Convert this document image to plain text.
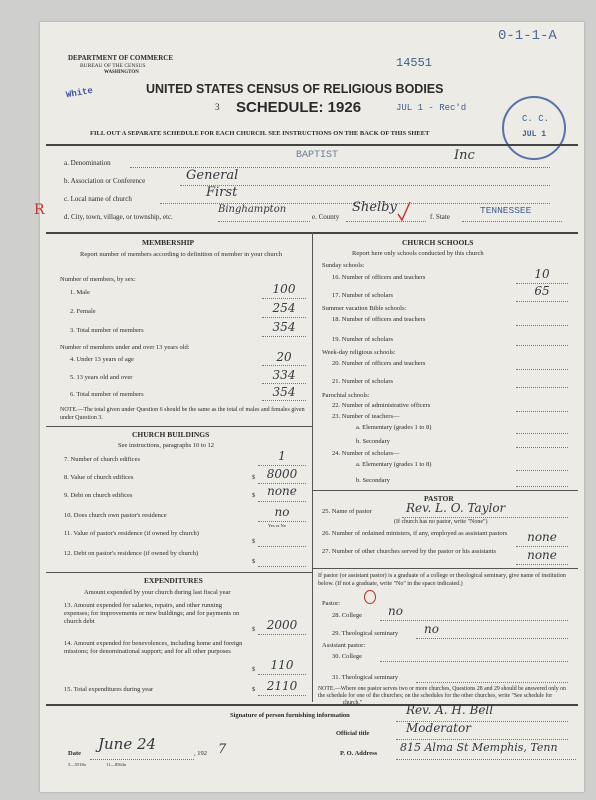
0-1-1-A
14551
DEPARTMENT OF COMMERCE
BUREAU OF THE CENSUS
WASHINGTON
White	UNITED STATES CENSUS OF RELIGIOUS BODIES
3 SCHEDULE: 1926	JUL 1 - Rec'd
C. C.
JUL 1
FILL OUT A SEPARATE SCHEDULE FOR EACH CHURCH. SEE INSTRUCTIONS ON THE BACK OF THIS SHEET
a. Denomination
BAPTIST	Inc
b. Association or Conference	General
c. Local name of church	First
R	d. City, town, village, or township, etc.
Binghampton
e. County
Shelby
f. State
TENNESSEE
MEMBERSHIP
Report number of members according to definition of member in your church
Number of members, by sex:
1. Male	100
2. Female	254
3. Total number of members	354
Number of members under and over 13 years old:
4. Under 13 years of age	20
5. 13 years old and over	334
6. Total number of members	354
NOTE.—The total given under Question 6 should be the same as the total of males and females given under Question 3.
CHURCH BUILDINGS
See instructions, paragraphs 10 to 12
7. Number of church edifices	1
8. Value of church edifices	$ 8000
9. Debt on church edifices	$ none
10. Does church own pastor's residence	no
Yes or No
11. Value of pastor's residence (if owned by church)
$
12. Debt on pastor's residence (if owned by church)
$
EXPENDITURES
Amount expended by your church during last fiscal year
13. Amount expended for salaries, repairs, and other running expenses; for improvements or new buildings; and for payments on church debt
$ 2000
14. Amount expended for benevolences, including home and foreign missions; for denominational support; and for all other purposes
$	110
15. Total expenditures during year	$ 2110
CHURCH SCHOOLS
Report here only schools conducted by this church
Sunday schools:
16. Number of officers and teachers	10
17. Number of scholars	65
Summer vacation Bible schools:
18. Number of officers and teachers
19. Number of scholars
Week-day religious schools:
20. Number of officers and teachers
21. Number of scholars
Parochial schools:
22. Number of administrative officers
23. Number of teachers—
a. Elementary (grades 1 to 8)
b. Secondary
24. Number of scholars—
a. Elementary (grades 1 to 8)
b. Secondary
PASTOR
25. Name of pastor	Rev. L. O. Taylor
(If church has no pastor, write "None")
26. Number of ordained ministers, if any, employed as assistant pastors	none
27. Number of other churches served by the pastor or his assistants	none
If pastor (or assistant pastor) is a graduate of a college or theological seminary, give name of institution below. (If not a graduate, write "No" in the space indicated.)
Pastor:
28. College no
29. Theological seminary no
Assistant pastor:
30. College
31. Theological seminary
NOTE.—Where one pastor serves two or more churches, Questions 28 and 29 should be answered only on the schedule for one of the churches; on the schedules for the other churches, write "See schedule for ________ church."
Signature of person furnishing information	Rev. A. H. Bell
Official title	Moderator
Date
June 24
, 192 7	P. O. Address 815 Alma St Memphis, Tenn
5—5518a	11—8564a
